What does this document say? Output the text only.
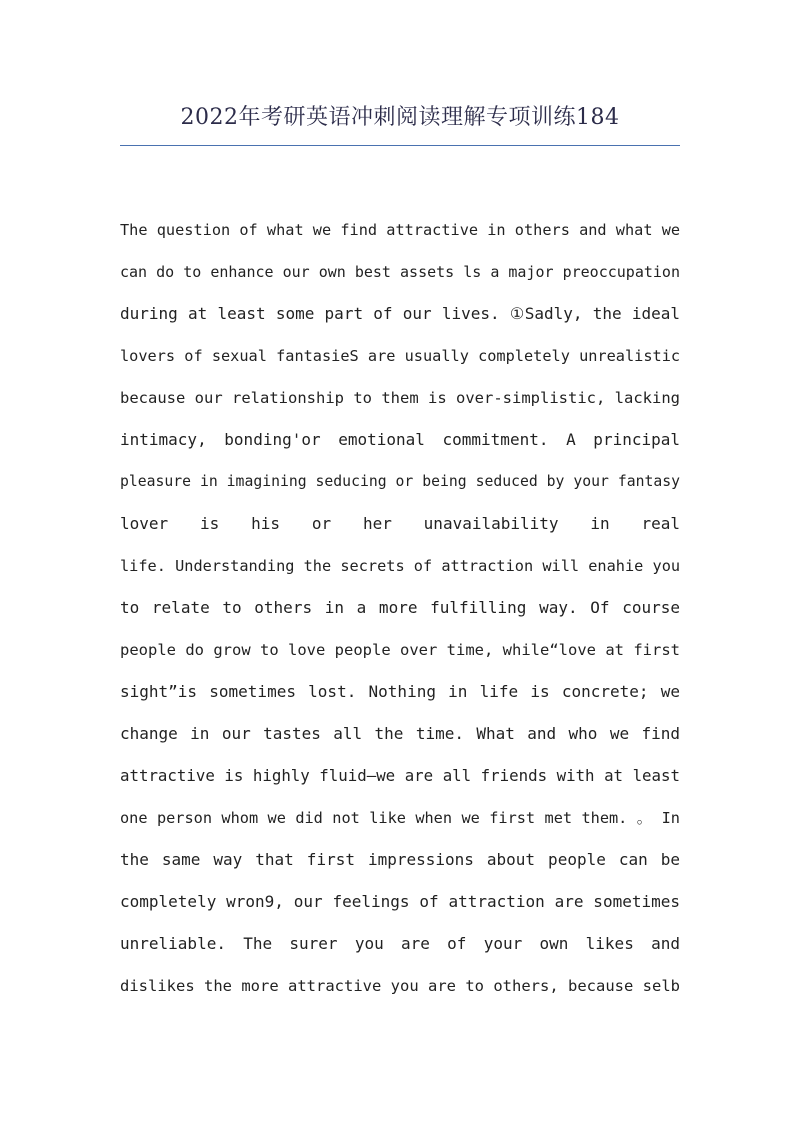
2022年考研英语冲刺阅读理解专项训练184
The question of what we find attractive in others and what we
can do to enhance our own best assets ls a major preoccupation
during at least some part of our lives. ①Sadly, the ideal
lovers of sexual fantasieS are usually completely unrealistic
because our relationship to them is over-simplistic, lacking
intimacy, bonding'or emotional commitment. A principal
pleasure in imagining seducing or being seduced by your fantasy
lover is his or her unavailability in real
life. Understanding the secrets of attraction will enahie you
to relate to others in a more fulfilling way. Of course
people do grow to love people over time, while“love at first
sight”is sometimes lost. Nothing in life is concrete; we
change in our tastes all the time. What and who we find
attractive is highly fluid—we are all friends with at least
one person whom we did not like when we first met them. 。 In
the same way that first impressions about people can be
completely wron9, our feelings of attraction are sometimes
unreliable. The surer you are of your own likes and
dislikes the more attractive you are to others, because selb
